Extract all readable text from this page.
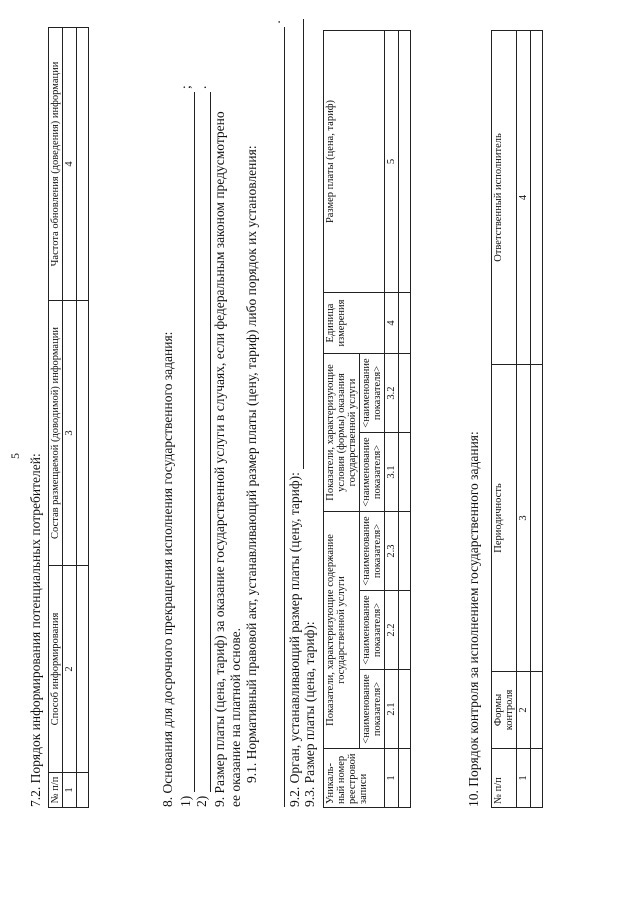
5 7.2. Порядок информирования потенциальных потребителей: № п/п	Способ информирования	Состав размещаемой (доводимой) информации	Частота обновления (доведения) информации
1	2	3	4

8. Основания для досрочного прекращения исполнения государственного задания: 1)   ;
2)   .
9. Размер платы (цена, тариф) за оказание государственной услуги в случаях, если федеральным законом предусмотрено ее оказание на платной основе. 9.1. Нормативный правовой акт, устанавливающий размер платы (цену, тариф) либо порядок их установления:
.
9.2. Орган, устанавливающий размер платы (цену, тариф): 9.3. Размер платы (цена, тариф): Уникаль- ный номер реестровой записи	Показатели, характеризующие содержание государственной услуги			Показатели, характеризующие условия (формы) оказания государственной услуги		Единица измерения	Размер платы (цена, тариф)
	<наименование показателя>	<наименование показателя>	<наименование показателя>	<наименование показателя>	<наименование показателя>		
1	2.1	2.2	2.3	3.1	3.2	4	5

10. Порядок контроля за исполнением государственного задания: № п/п	Формы контроля	Периодичность	Ответственный исполнитель
1	2	3	4
